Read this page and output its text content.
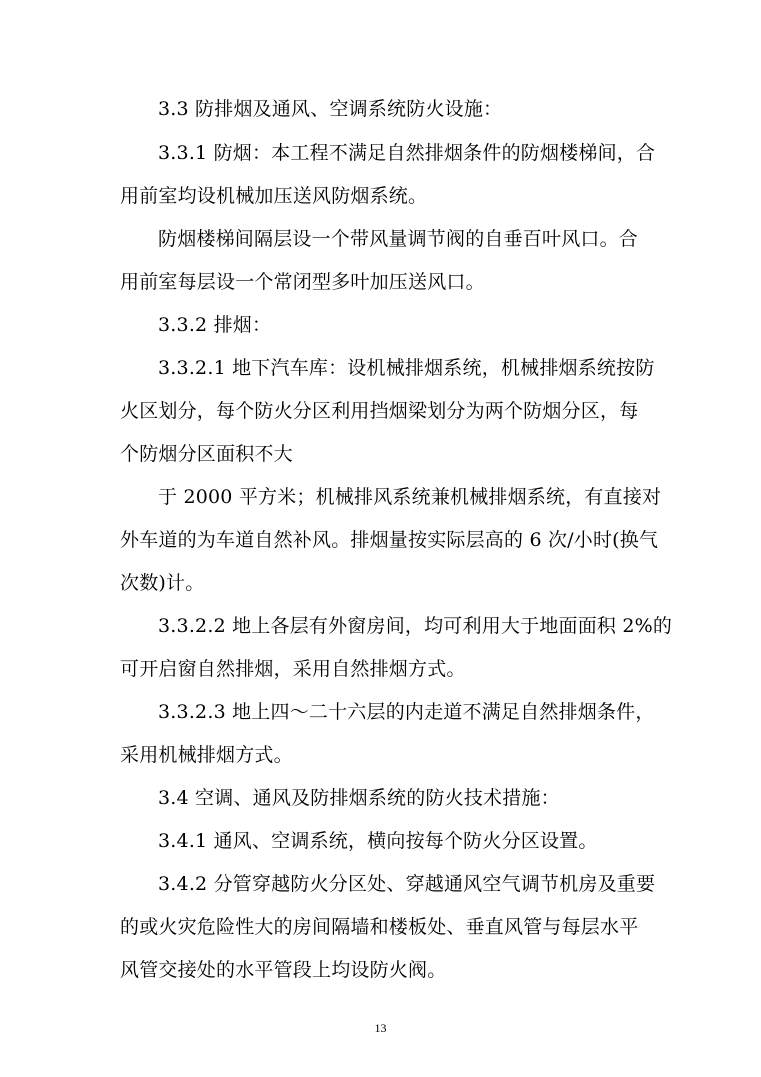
3.3 防排烟及通风、空调系统防火设施：
3.3.1 防烟：本工程不满足自然排烟条件的防烟楼梯间，合
用前室均设机械加压送风防烟系统。
防烟楼梯间隔层设一个带风量调节阀的自垂百叶风口。合
用前室每层设一个常闭型多叶加压送风口。
3.3.2 排烟：
3.3.2.1 地下汽车库：设机械排烟系统，机械排烟系统按防
火区划分，每个防火分区利用挡烟梁划分为两个防烟分区，每
个防烟分区面积不大
于 2000 平方米；机械排风系统兼机械排烟系统，有直接对
外车道的为车道自然补风。排烟量按实际层高的 6 次/小时(换气
次数)计。
3.3.2.2 地上各层有外窗房间，均可利用大于地面面积 2%的
可开启窗自然排烟，采用自然排烟方式。
3.3.2.3 地上四～二十六层的内走道不满足自然排烟条件，
采用机械排烟方式。
3.4 空调、通风及防排烟系统的防火技术措施：
3.4.1 通风、空调系统，横向按每个防火分区设置。
3.4.2 分管穿越防火分区处、穿越通风空气调节机房及重要
的或火灾危险性大的房间隔墙和楼板处、垂直风管与每层水平
风管交接处的水平管段上均设防火阀。
13
